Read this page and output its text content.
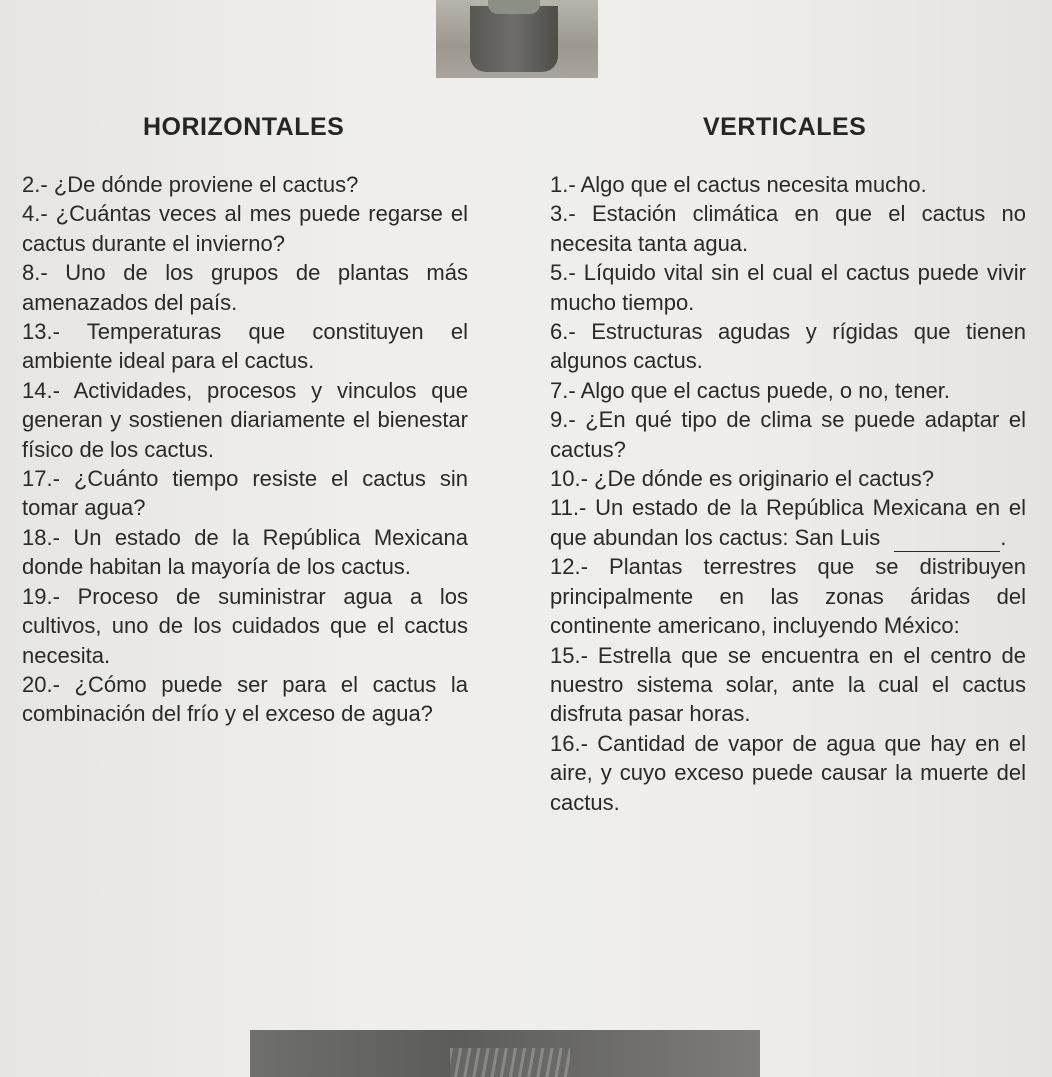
HORIZONTALES	VERTICALES

2.- ¿De dónde proviene el cactus?

4.- ¿Cuántas veces al mes puede regarse el cactus durante el invierno?

8.- Uno de los grupos de plantas más amenazados del país.

13.- Temperaturas que constituyen el ambiente ideal para el cactus.

14.- Actividades, procesos y vinculos que generan y sostienen diariamente el bienestar físico de los cactus.

17.- ¿Cuánto tiempo resiste el cactus sin tomar agua?

18.- Un estado de la República Mexicana donde habitan la mayoría de los cactus.

19.- Proceso de suministrar agua a los cultivos, uno de los cuidados que el cactus necesita.

20.- ¿Cómo puede ser para el cactus la combinación del frío y el exceso de agua?

1.- Algo que el cactus necesita mucho.

3.- Estación climática en que el cactus no necesita tanta agua.

5.- Líquido vital sin el cual el cactus puede vivir mucho tiempo.

6.- Estructuras agudas y rígidas que tienen algunos cactus.

7.- Algo que el cactus puede, o no, tener.

9.- ¿En qué tipo de clima se puede adaptar el cactus?

10.- ¿De dónde es originario el cactus?

11.- Un estado de la República Mexicana en el que abundan los cactus: San Luis	.

12.- Plantas terrestres que se distribuyen principalmente en las zonas áridas del continente americano, incluyendo México:

15.- Estrella que se encuentra en el centro de nuestro sistema solar, ante la cual el cactus disfruta pasar horas.

16.- Cantidad de vapor de agua que hay en el aire, y cuyo exceso puede causar la muerte del cactus.
